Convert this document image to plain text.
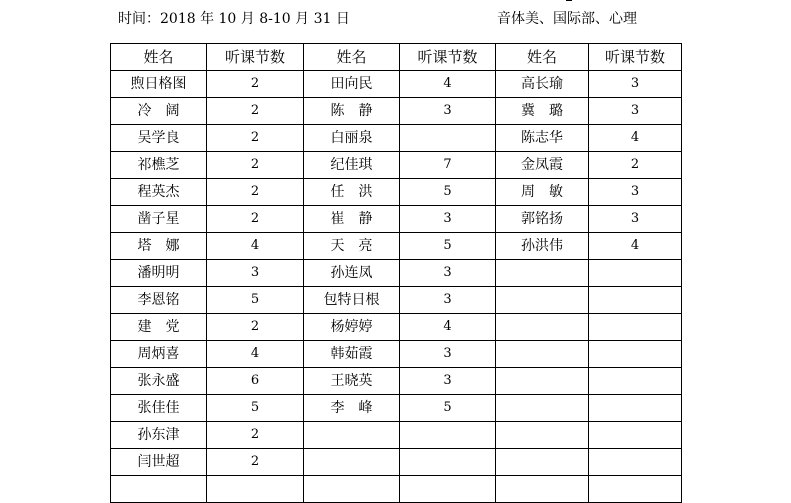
时间：2018 年 10 月 8-10 月 31 日	音体美、国际部、心理
姓名	听课节数	姓名	听课节数	姓名	听课节数
煦日格图	2	田向民	4	高长瑜	3
冷　阔	2	陈　静	3	冀　璐	3
吴学良	2	白丽泉		陈志华	4
祁樵芝	2	纪佳琪	7	金凤霞	2
程英杰	2	任　洪	5	周　敏	3
凿子星	2	崔　静	3	郭铭扬	3
塔　娜	4	天　亮	5	孙洪伟	4
潘明明	3	孙连凤	3		
李恩铭	5	包特日根	3		
建　党	2	杨婷婷	4		
周炳喜	4	韩茹霞	3		
张永盛	6	王晓英	3		
张佳佳	5	李　峰	5		
孙东津	2				
闫世超	2				
